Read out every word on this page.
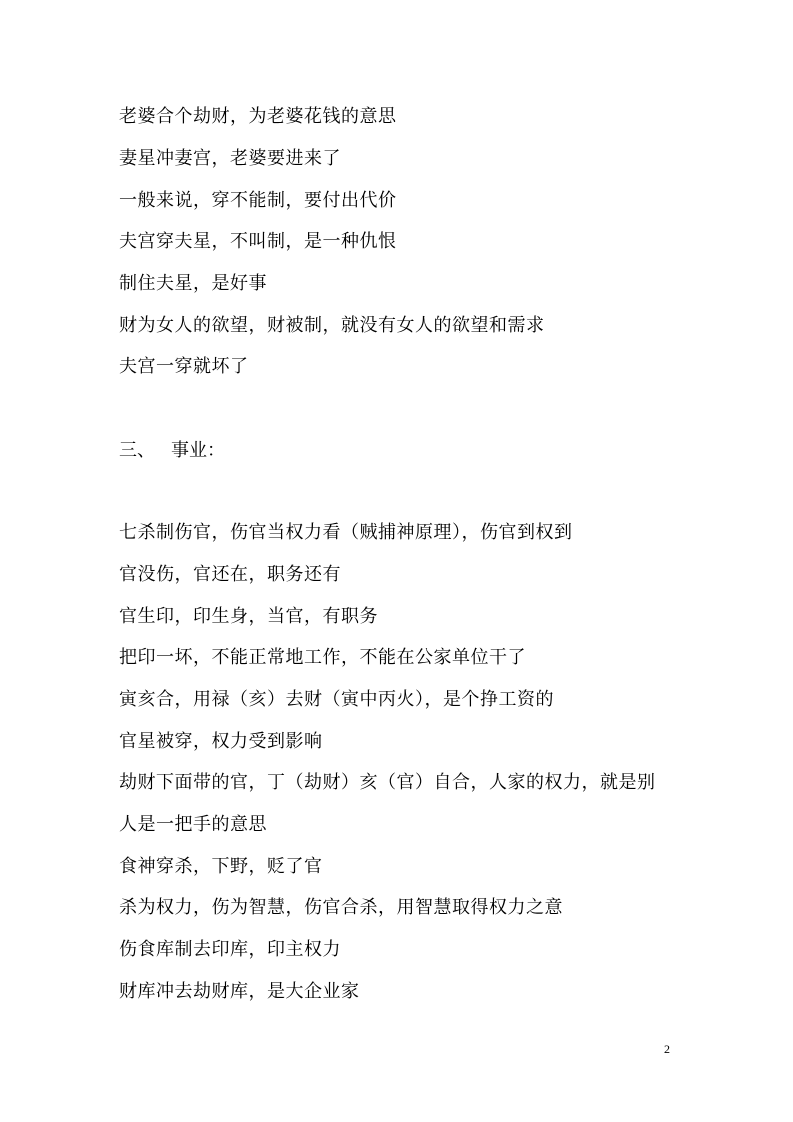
老婆合个劫财，为老婆花钱的意思
妻星冲妻宫，老婆要进来了
一般来说，穿不能制，要付出代价
夫宫穿夫星，不叫制，是一种仇恨
制住夫星，是好事
财为女人的欲望，财被制，就没有女人的欲望和需求
夫宫一穿就坏了
三、 事业：
七杀制伤官，伤官当权力看（贼捕神原理），伤官到权到
官没伤，官还在，职务还有
官生印，印生身，当官，有职务
把印一坏，不能正常地工作，不能在公家单位干了
寅亥合，用禄（亥）去财（寅中丙火），是个挣工资的
官星被穿，权力受到影响
劫财下面带的官，丁（劫财）亥（官）自合，人家的权力，就是别
人是一把手的意思
食神穿杀，下野，贬了官
杀为权力，伤为智慧，伤官合杀，用智慧取得权力之意
伤食库制去印库，印主权力
财库冲去劫财库，是大企业家
2
